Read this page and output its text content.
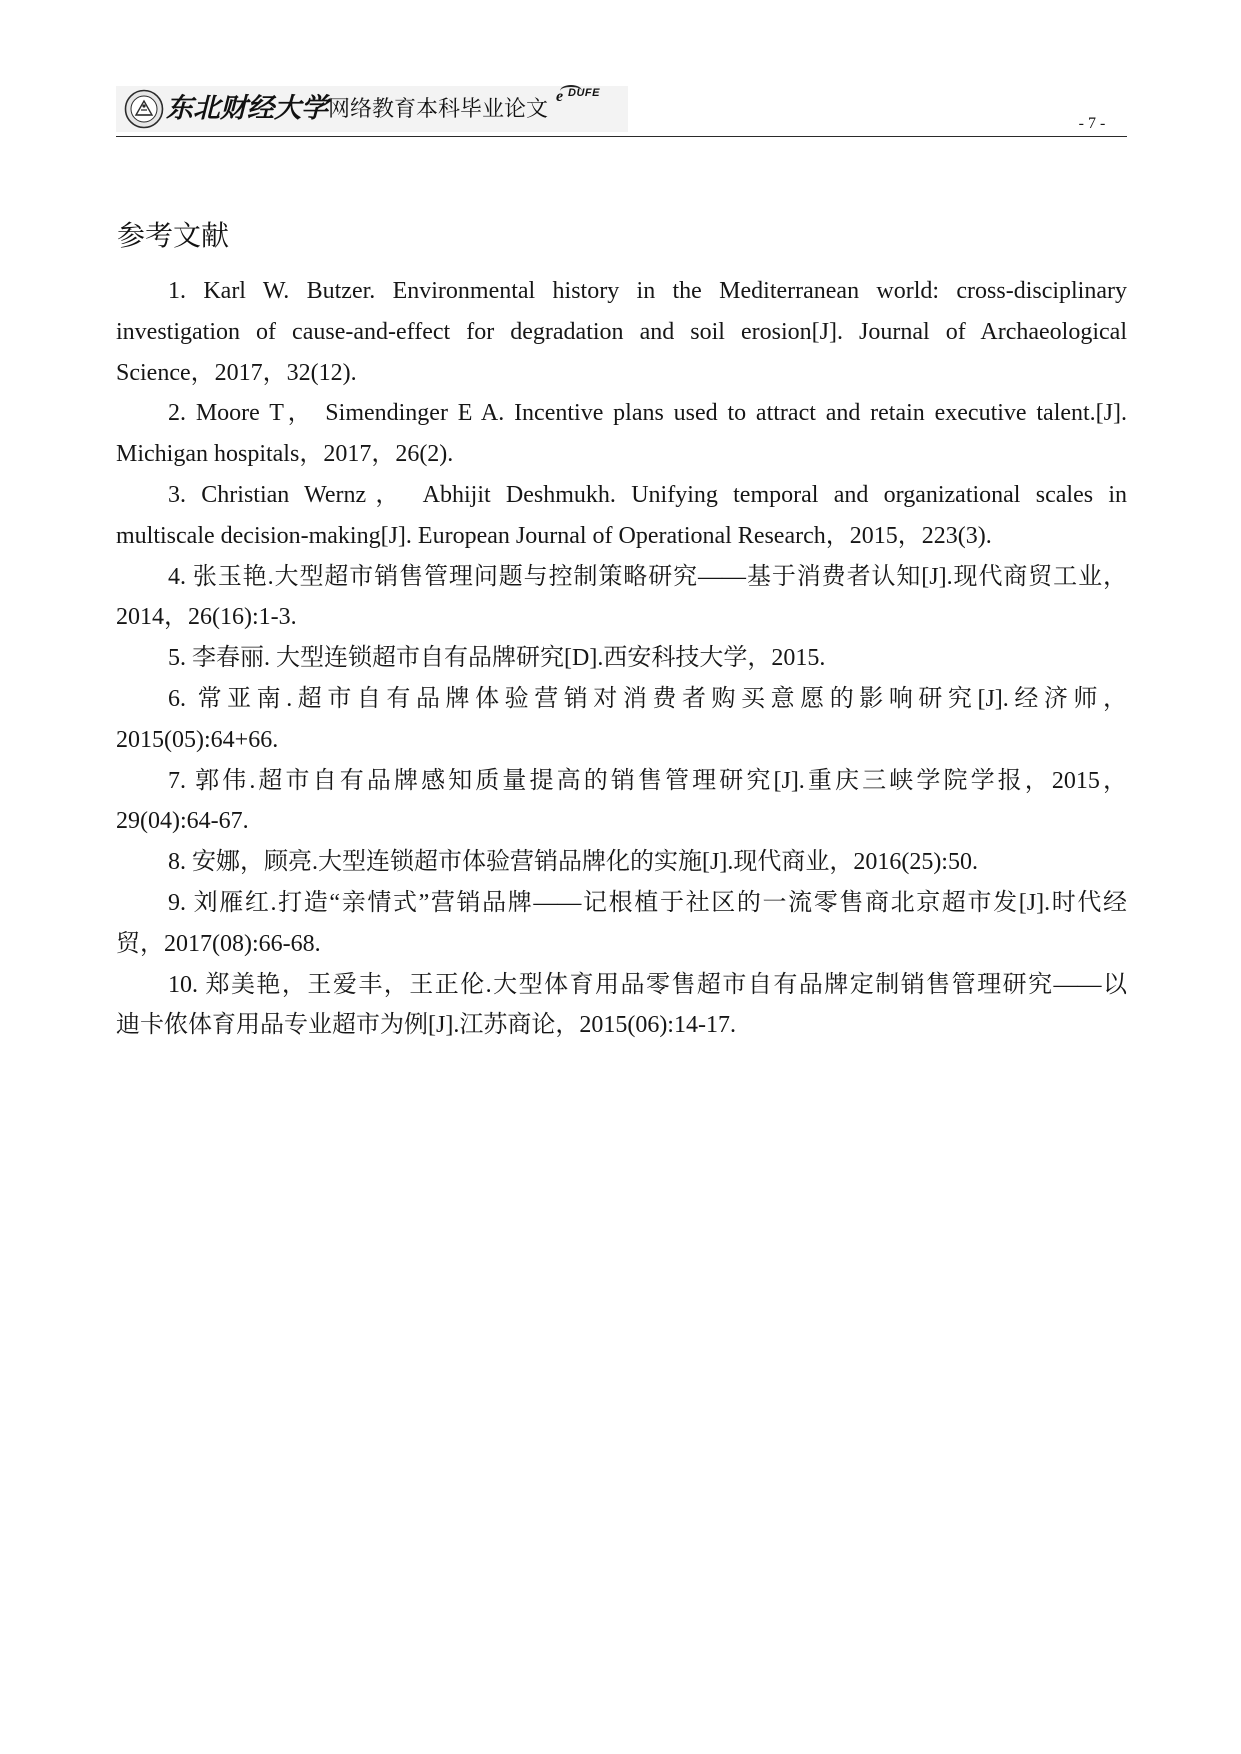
东北财经大学 网络教育本科毕业论文
e DUFE
- 7 -
参考文献
1. Karl W. Butzer. Environmental history in the Mediterranean world: cross-disciplinary
investigation of cause-and-effect for degradation and soil erosion[J]. Journal of Archaeological
Science，2017，32(12).
2. Moore T， Simendinger E A. Incentive plans used to attract and retain executive talent.[J].
Michigan hospitals，2017，26(2).
3. Christian Wernz， Abhijit Deshmukh. Unifying temporal and organizational scales in
multiscale decision-making[J]. European Journal of Operational Research，2015，223(3).
4. 张玉艳.大型超市销售管理问题与控制策略研究——基于消费者认知[J].现代商贸工业，
2014，26(16):1-3.
5. 李春丽. 大型连锁超市自有品牌研究[D].西安科技大学，2015.
6. 常亚南.超市自有品牌体验营销对消费者购买意愿的影响研究[J].经济师，
2015(05):64+66.
7. 郭伟.超市自有品牌感知质量提高的销售管理研究[J].重庆三峡学院学报，2015，
29(04):64-67.
8. 安娜，顾亮.大型连锁超市体验营销品牌化的实施[J].现代商业，2016(25):50.
9. 刘雁红.打造“亲情式”营销品牌——记根植于社区的一流零售商北京超市发[J].时代经
贸，2017(08):66-68.
10. 郑美艳，王爱丰，王正伦.大型体育用品零售超市自有品牌定制销售管理研究——以
迪卡侬体育用品专业超市为例[J].江苏商论，2015(06):14-17.
